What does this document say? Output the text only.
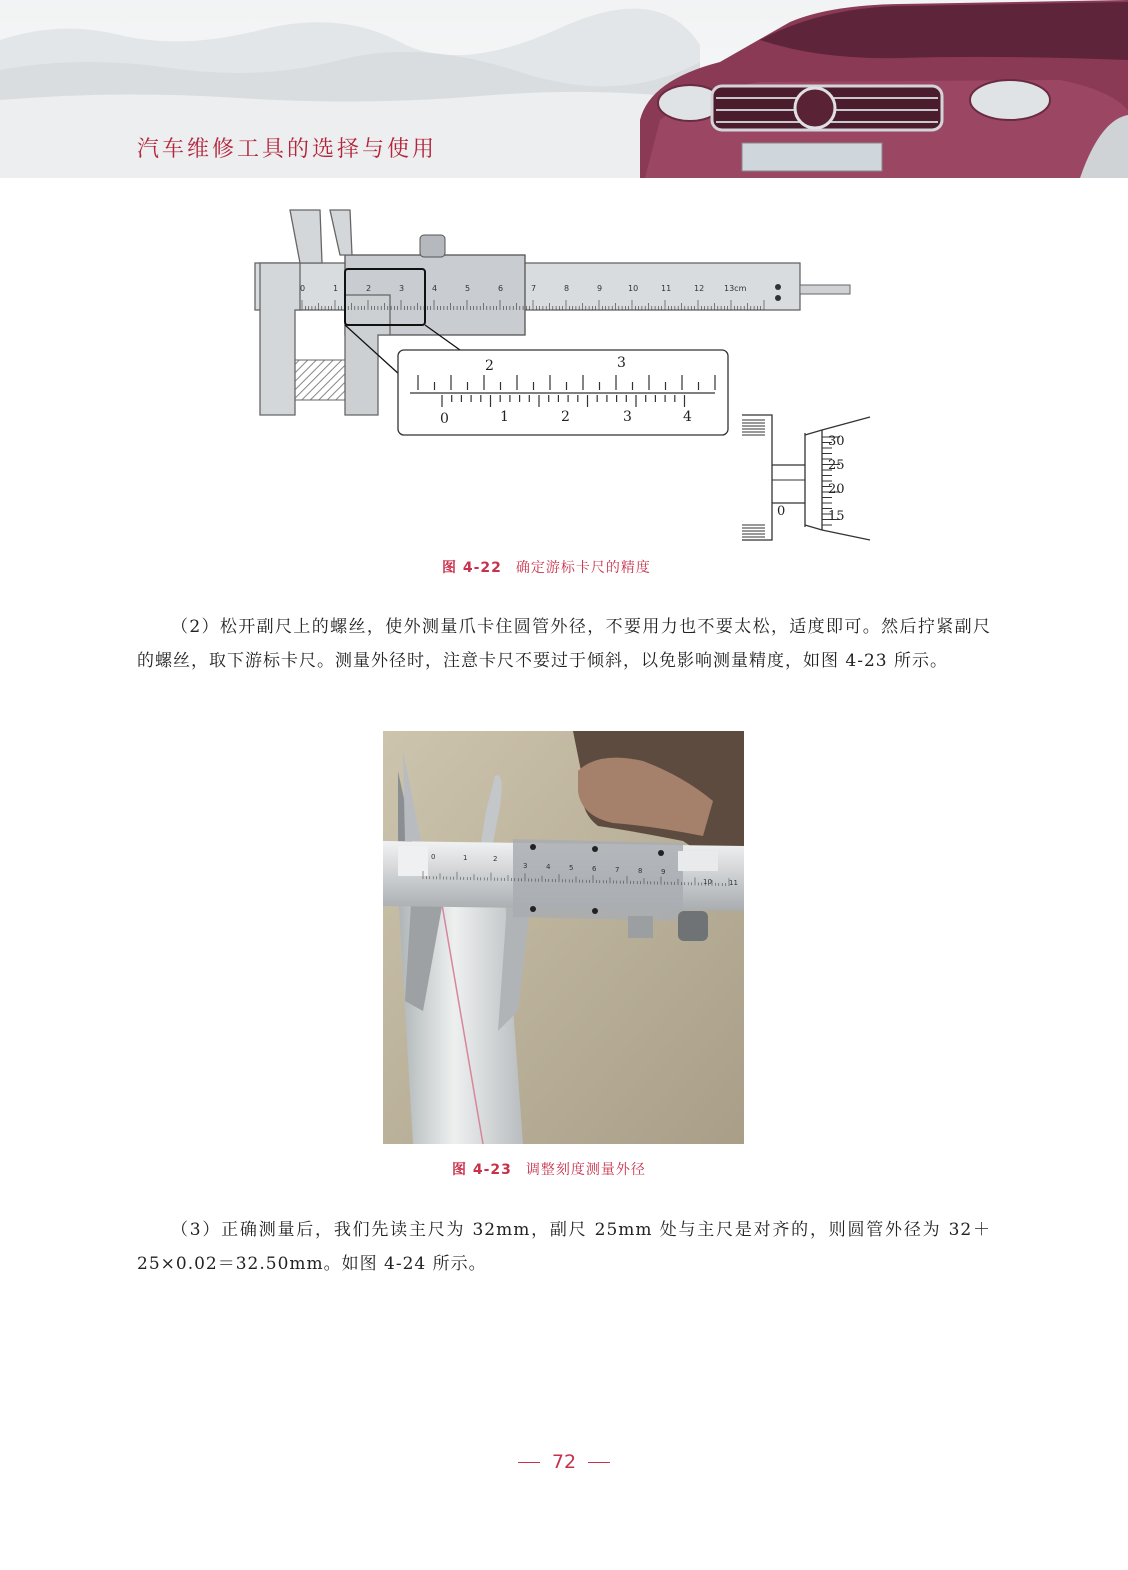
汽车维修工具的选择与使用
0	1	2	3	4	5	6	7	8	9	10	11	12 13cm
2	3
0	1	2	3	4
30
25
20
15
0
图 4-22 确定游标卡尺的精度
（2）松开副尺上的螺丝，使外测量爪卡住圆管外径，不要用力也不要太松，适度即可。然后拧紧副尺的螺丝，取下游标卡尺。测量外径时，注意卡尺不要过于倾斜，以免影响测量精度，如图 4-23 所示。
0	1	2
3	4	5	6	7	8	9
10 11
图 4-23 调整刻度测量外径
（3）正确测量后，我们先读主尺为 32mm，副尺 25mm 处与主尺是对齐的，则圆管外径为 32＋25×0.02＝32.50mm。如图 4-24 所示。
72
